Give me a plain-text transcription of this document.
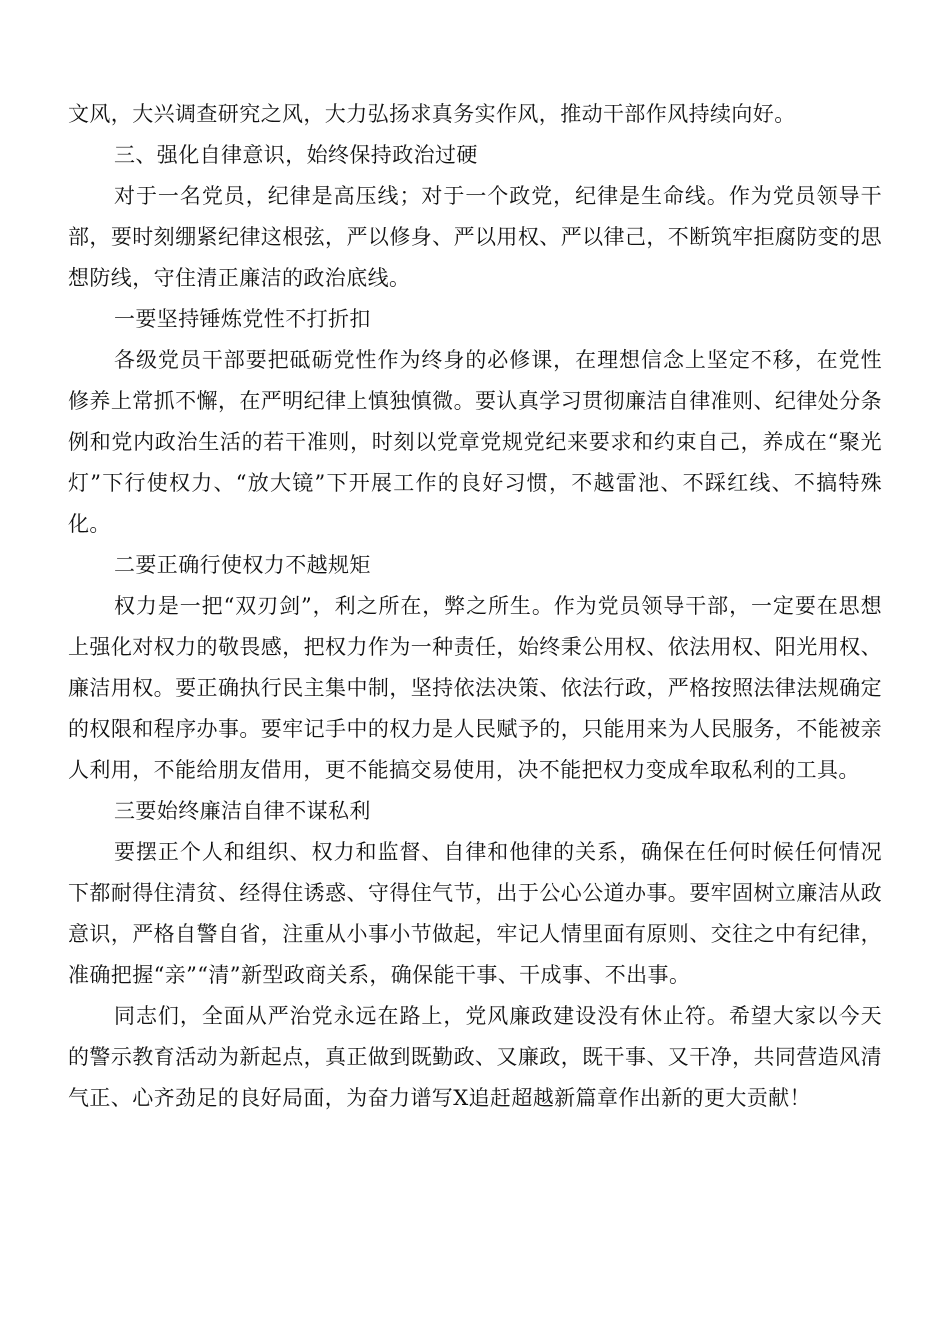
文风，大兴调查研究之风，大力弘扬求真务实作风，推动干部作风持续向好。

三、强化自律意识，始终保持政治过硬

对于一名党员，纪律是高压线；对于一个政党，纪律是生命线。作为党员领导干部，要时刻绷紧纪律这根弦，严以修身、严以用权、严以律己，不断筑牢拒腐防变的思想防线，守住清正廉洁的政治底线。

一要坚持锤炼党性不打折扣

各级党员干部要把砥砺党性作为终身的必修课，在理想信念上坚定不移，在党性修养上常抓不懈，在严明纪律上慎独慎微。要认真学习贯彻廉洁自律准则、纪律处分条例和党内政治生活的若干准则，时刻以党章党规党纪来要求和约束自己，养成在“聚光灯”下行使权力、“放大镜”下开展工作的良好习惯，不越雷池、不踩红线、不搞特殊化。

二要正确行使权力不越规矩

权力是一把“双刃剑”，利之所在，弊之所生。作为党员领导干部，一定要在思想上强化对权力的敬畏感，把权力作为一种责任，始终秉公用权、依法用权、阳光用权、廉洁用权。要正确执行民主集中制，坚持依法决策、依法行政，严格按照法律法规确定的权限和程序办事。要牢记手中的权力是人民赋予的，只能用来为人民服务，不能被亲人利用，不能给朋友借用，更不能搞交易使用，决不能把权力变成牟取私利的工具。

三要始终廉洁自律不谋私利

要摆正个人和组织、权力和监督、自律和他律的关系，确保在任何时候任何情况下都耐得住清贫、经得住诱惑、守得住气节，出于公心公道办事。要牢固树立廉洁从政意识，严格自警自省，注重从小事小节做起，牢记人情里面有原则、交往之中有纪律，准确把握“亲”“清”新型政商关系，确保能干事、干成事、不出事。

同志们，全面从严治党永远在路上，党风廉政建设没有休止符。希望大家以今天的警示教育活动为新起点，真正做到既勤政、又廉政，既干事、又干净，共同营造风清气正、心齐劲足的良好局面，为奋力谱写X追赶超越新篇章作出新的更大贡献！
